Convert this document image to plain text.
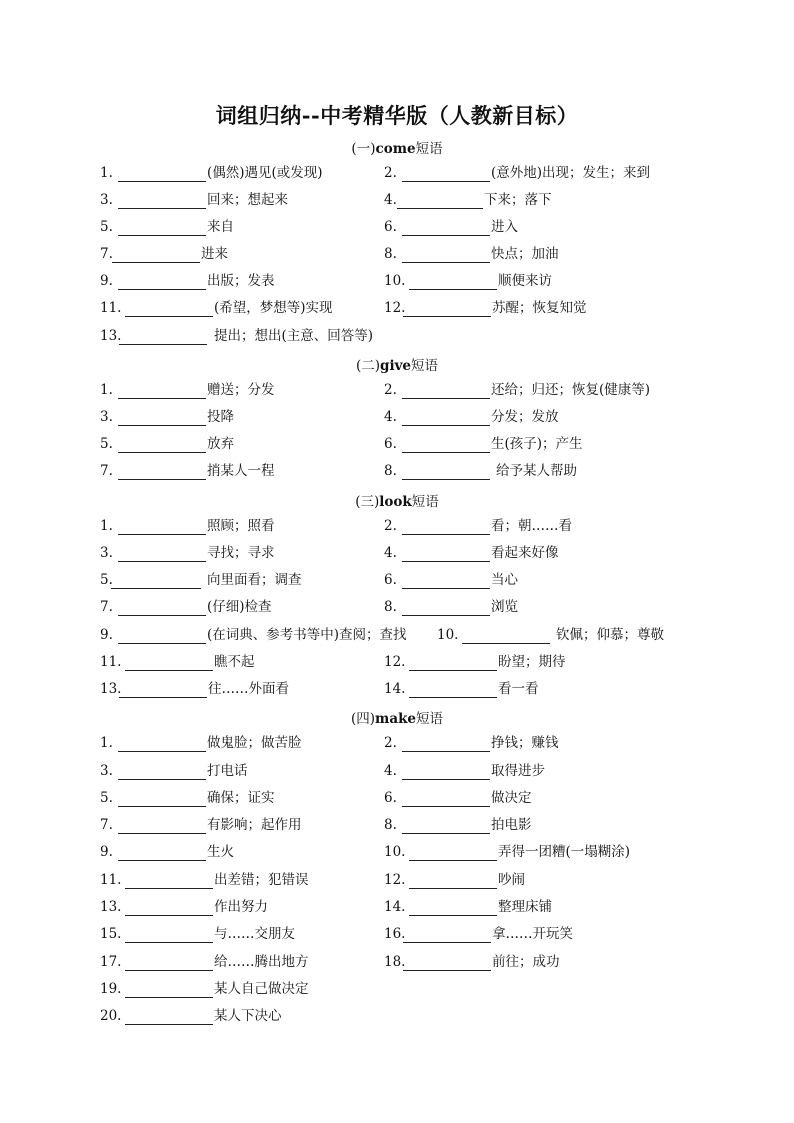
词组归纳--中考精华版（人教新目标）
(一)come短语
1.	(偶然)遇见(或发现)	2.	(意外地)出现；发生；来到
3.	回来；想起来	4.	下来；落下
5.	来自	6.	进入
7.	进来	8.	快点；加油
9.	出版；发表	10.	顺便来访
11.	(希望，梦想等)实现	12.	苏醒；恢复知觉
13.	提出；想出(主意、回答等)
(二)give短语
1.	赠送；分发	2.	还给；归还；恢复(健康等)
3.	投降	4.	分发；发放
5.	放弃	6.	生(孩子)；产生
7.	捎某人一程	8.	给予某人帮助
(三)look短语
1.	照顾；照看	2.	看；朝……看
3.	寻找；寻求	4.	看起来好像
5.	向里面看；调查	6.	当心
7.	(仔细)检查	8.	浏览
9.	(在词典、参考书等中)查阅；查找 10.	钦佩；仰慕；尊敬
11.	瞧不起	12.	盼望；期待
13.	往……外面看	14.	看一看
(四)make短语
1.	做鬼脸；做苦脸	2.	挣钱；赚钱
3.	打电话	4.	取得进步
5.	确保；证实	6.	做决定
7.	有影响；起作用	8.	拍电影
9.	生火	10.	弄得一团糟(一塌糊涂)
11.	出差错；犯错误	12.	吵闹
13.	作出努力	14.	整理床铺
15.	与……交朋友	16.	拿……开玩笑
17.	给……腾出地方	18.	前往；成功
19.	某人自己做决定
20.	某人下决心
